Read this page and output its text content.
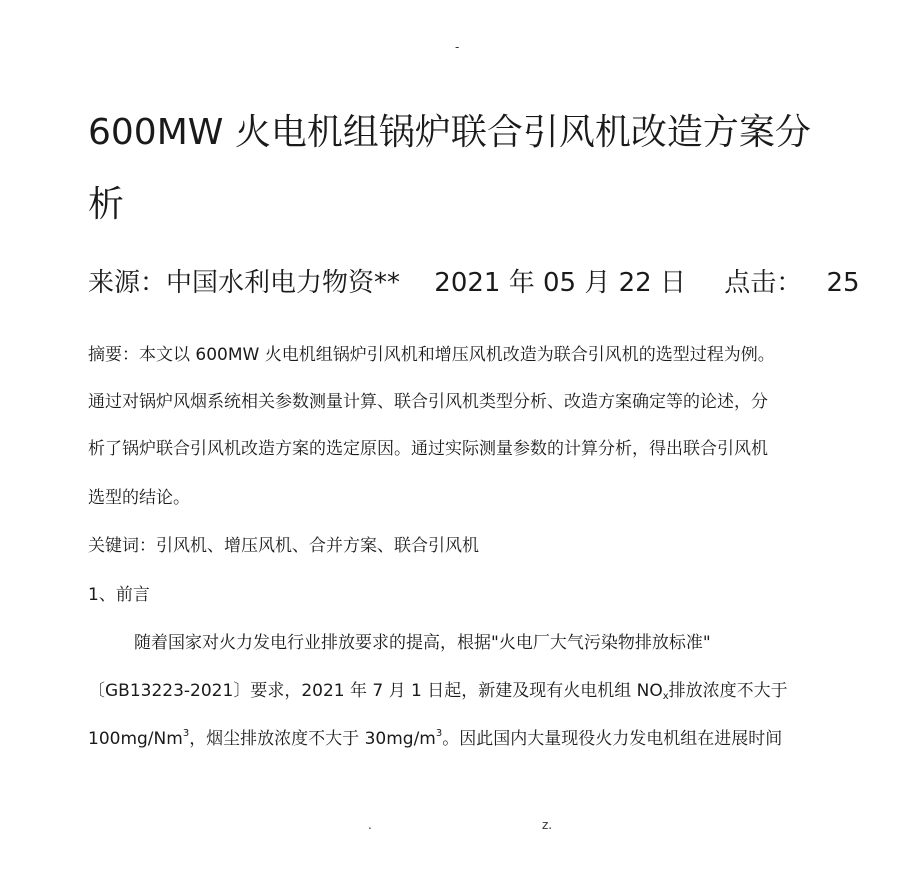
-
600MW 火电机组锅炉联合引风机改造方案分
析
来源：中国水利电力物资** 2021 年 05 月 22 日 点击： 25
摘要：本文以 600MW 火电机组锅炉引风机和增压风机改造为联合引风机的选型过程为例。
通过对锅炉风烟系统相关参数测量计算、联合引风机类型分析、改造方案确定等的论述，分
析了锅炉联合引风机改造方案的选定原因。通过实际测量参数的计算分析，得出联合引风机
选型的结论。
关键词：引风机、增压风机、合并方案、联合引风机
1、前言
随着国家对火力发电行业排放要求的提高，根据"火电厂大气污染物排放标准"
〔GB13223-2021〕要求，2021 年 7 月 1 日起，新建及现有火电机组 $NO_x$排放浓度不大于
100mg/Nm$^3$，烟尘排放浓度不大于 $30mg/m^3$。因此国内大量现役火力发电机组在进展时间
.	z.
